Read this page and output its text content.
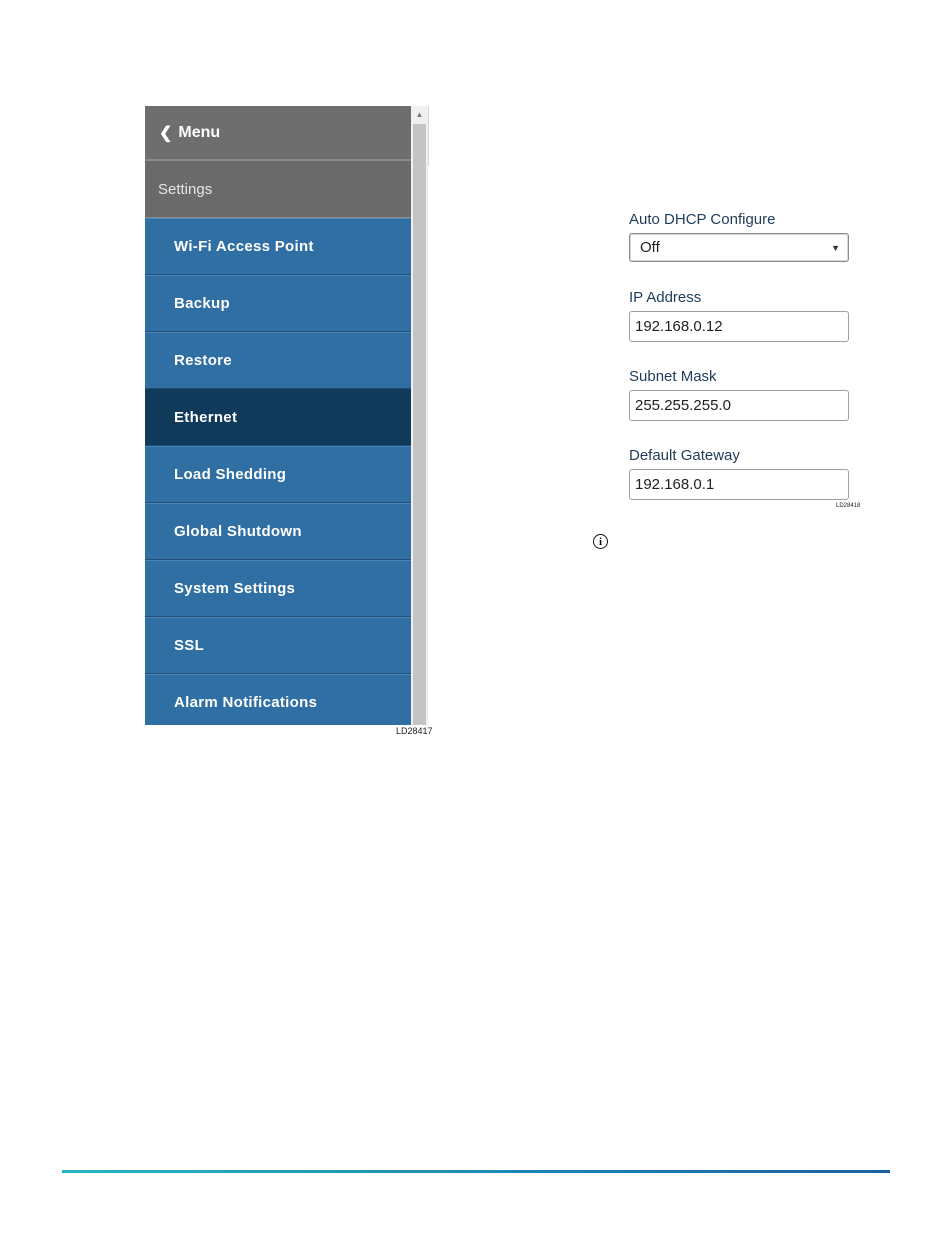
❮ Menu
Settings
Wi-Fi Access Point
Backup
Restore
Ethernet
Load Shedding
Global Shutdown
System Settings
SSL
Alarm Notifications
▲
LD28417
Auto DHCP Configure
Off	▼
IP Address
192.168.0.12
Subnet Mask
255.255.255.0
Default Gateway
192.168.0.1
LD28418
i
